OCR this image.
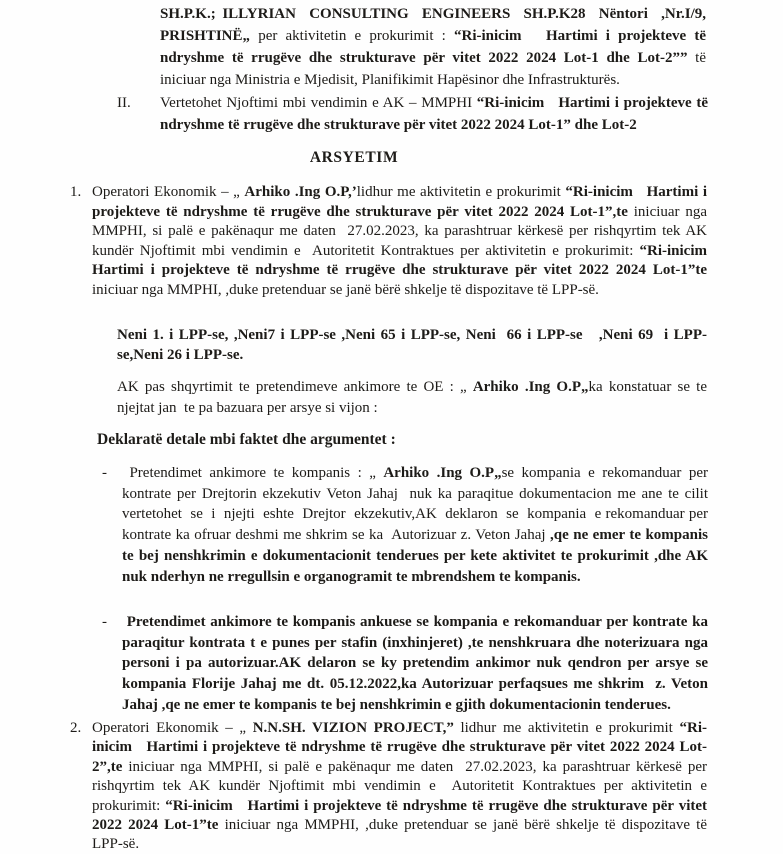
SH.P.K.; ILLYRIAN  CONSULTING  ENGINEERS  SH.P.K28  Nëntori  ,Nr.I/9, PRISHTINË„ per aktivitetin e prokurimit : “Ri-inicim   Hartimi i projekteve të ndryshme të rrugëve dhe strukturave për vitet 2022 2024 Lot-1 dhe Lot-2”” të iniciuar nga Ministria e Mjedisit, Planifikimit Hapësinor dhe Infrastrukturës.
II.	Vertetohet Njoftimi mbi vendimin e AK – MMPHI “Ri-inicim   Hartimi i projekteve të ndryshme të rrugëve dhe strukturave për vitet 2022 2024 Lot-1” dhe Lot-2
ARSYETIM
1. Operatori Ekonomik – „ Arhiko .Ing O.P,’lidhur me aktivitetin e prokurimit “Ri-inicim   Hartimi i projekteve të ndryshme të rrugëve dhe strukturave për vitet 2022 2024 Lot-1”,te iniciuar nga MMPHI, si palë e pakënaqur me daten  27.02.2023, ka parashtruar kërkesë per rishqyrtim tek AK kundër Njoftimit mbi vendimin e  Autoritetit Kontraktues per aktivitetin e prokurimit: “Ri-inicim   Hartimi i projekteve të ndryshme të rrugëve dhe strukturave për vitet 2022 2024 Lot-1”te iniciuar nga MMPHI, ,duke pretenduar se janë bërë shkelje të dispozitave të LPP-së.
Neni 1. i LPP-se, ,Neni7 i LPP-se ,Neni 65 i LPP-se, Neni  66 i LPP-se   ,Neni 69  i LPP-se,Neni 26 i LPP-se.
AK pas shqyrtimit te pretendimeve ankimore te OE : „ Arhiko .Ing O.P„ka konstatuar se te njejtat jan  te pa bazuara per arsye si vijon :
Deklaratë detale mbi faktet dhe argumentet :
-	Pretendimet ankimore te kompanis : „ Arhiko .Ing O.P„se kompania e rekomanduar per kontrate per Drejtorin ekzekutiv Veton Jahaj  nuk ka paraqitue dokumentacion me ane te cilit  vertetohet  se  i  njejti  eshte  Drejtor  ekzekutiv,AK  deklaron  se  kompania  e rekomanduar per kontrate ka ofruar deshmi me shkrim se ka  Autorizuar z. Veton Jahaj ,qe ne emer te kompanis te bej nenshkrimin e dokumentacionit tenderues per kete aktivitet te prokurimit ,dhe AK nuk nderhyn ne rregullsin e organogramit te mbrendshem te kompanis.
-	Pretendimet ankimore te kompanis ankuese se kompania e rekomanduar per kontrate ka paraqitur kontrata t e punes per stafin (inxhinjeret) ,te nenshkruara dhe noterizuara nga personi i pa autorizuar.AK delaron se ky pretendim ankimor nuk qendron per arsye se kompania Florije Jahaj me dt. 05.12.2022,ka Autorizuar perfaqsues me shkrim  z. Veton Jahaj ,qe ne emer te kompanis te bej nenshkrimin e gjith dokumentacionin tenderues.
2. Operatori Ekonomik – „ N.N.SH. VIZION PROJECT,” lidhur me aktivitetin e prokurimit “Ri-inicim   Hartimi i projekteve të ndryshme të rrugëve dhe strukturave për vitet 2022 2024 Lot-2”,te iniciuar nga MMPHI, si palë e pakënaqur me daten  27.02.2023, ka parashtruar kërkesë per rishqyrtim tek AK kundër Njoftimit mbi vendimin e  Autoritetit Kontraktues per aktivitetin e prokurimit: “Ri-inicim   Hartimi i projekteve të ndryshme të rrugëve dhe strukturave për vitet 2022 2024 Lot-1”te iniciuar nga MMPHI, ,duke pretenduar se janë bërë shkelje të dispozitave të LPP-së.
